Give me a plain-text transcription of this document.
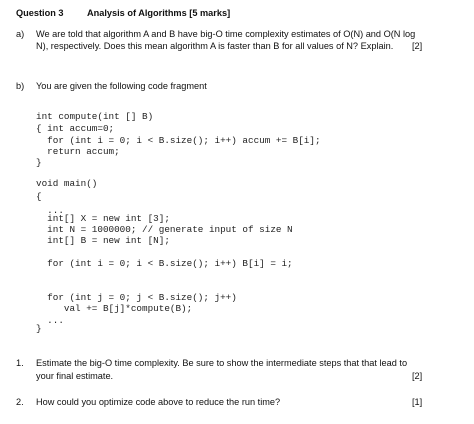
Question 3	Analysis of Algorithms [5 marks]
a) We are told that algorithm A and B have big-O time complexity estimates of O(N) and O(N log
N), respectively. Does this mean algorithm A is faster than B for all values of N? Explain. [2]
b) You are given the following code fragment
int compute(int [] B)
{ int accum=0;
for (int i = 0; i < B.size(); i++) accum += B[i];
return accum;
}
void main()
{
...
int[] X = new int [3];
int N = 1000000; // generate input of size N
int[] B = new int [N];
for (int i = 0; i < B.size(); i++) B[i] = i;
for (int j = 0; j < B.size(); j++)
val += B[j]*compute(B);
...
}
1. Estimate the big-O time complexity. Be sure to show the intermediate steps that that lead to
your final estimate.	[2]
2. How could you optimize code above to reduce the run time?	[1]
